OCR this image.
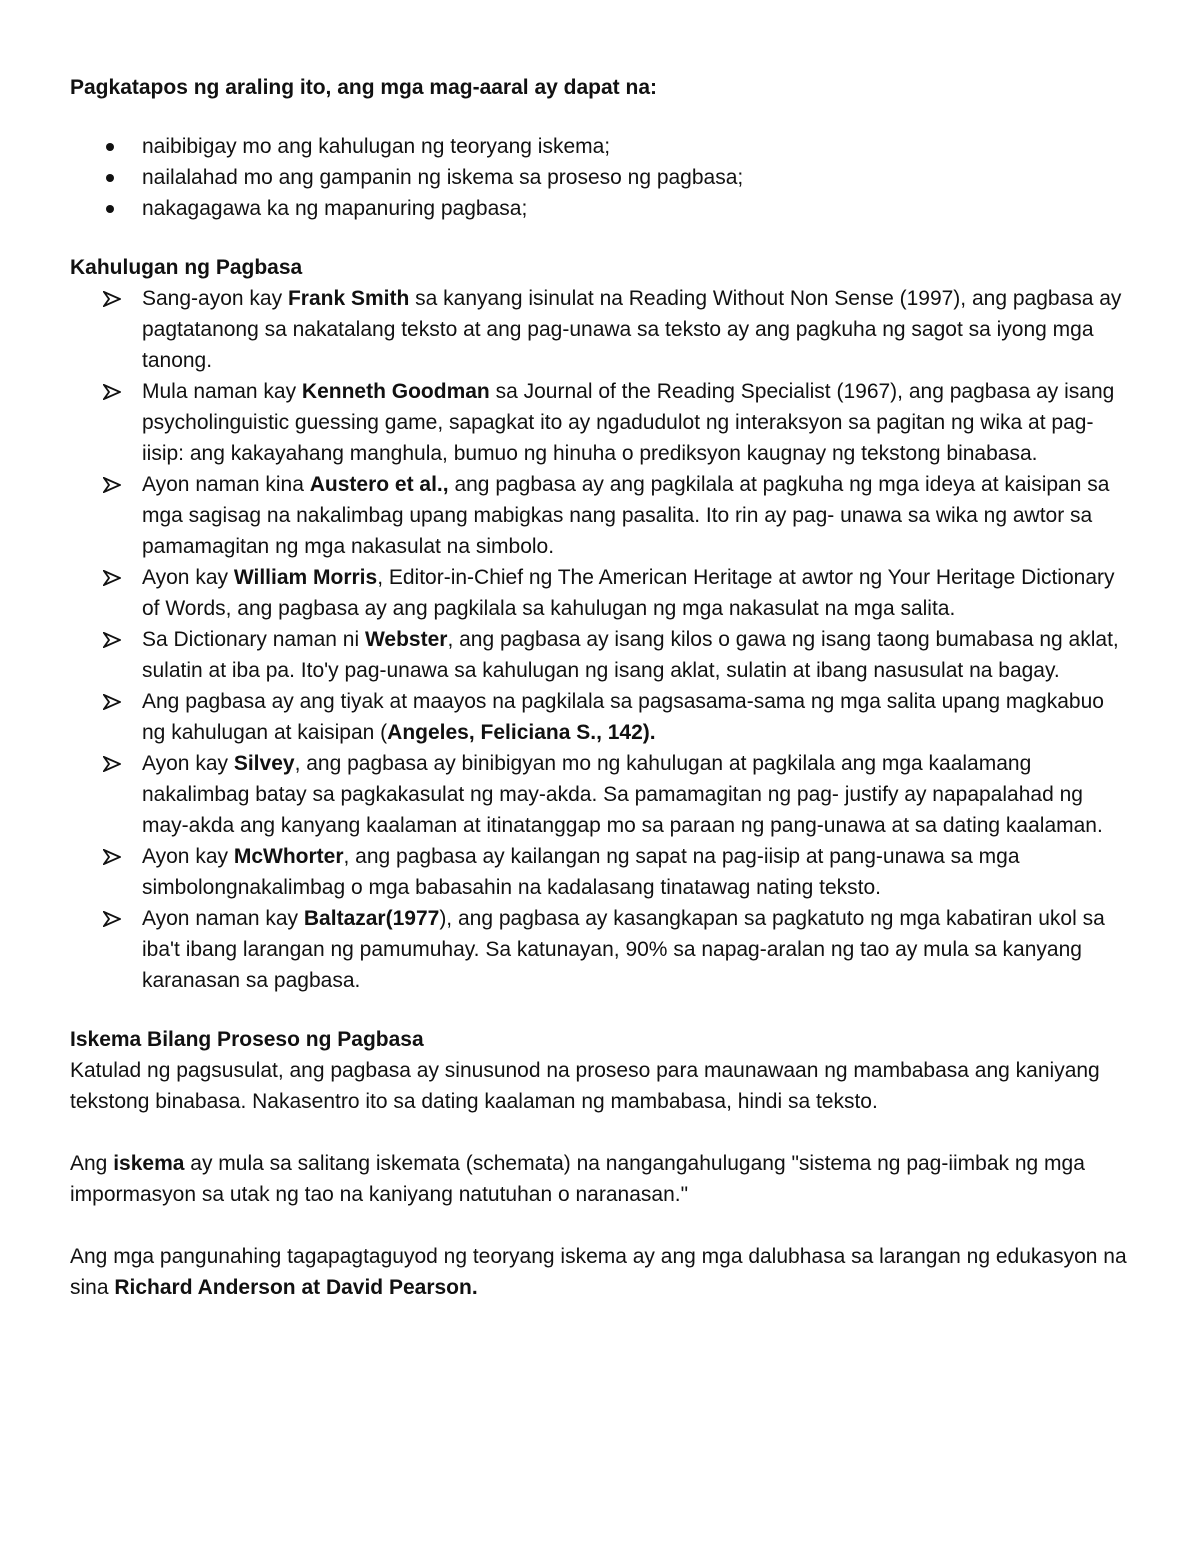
Pagkatapos ng araling ito, ang mga mag-aaral ay dapat na:

naibibigay mo ang kahulugan ng teoryang iskema;
nailalahad mo ang gampanin ng iskema sa proseso ng pagbasa;
nakagagawa ka ng mapanuring pagbasa;

Kahulugan ng Pagbasa

Sang-ayon kay Frank Smith sa kanyang isinulat na Reading Without Non Sense (1997), ang pagbasa ay pagtatanong sa nakatalang teksto at ang pag-unawa sa teksto ay ang pagkuha ng sagot sa iyong mga tanong.
Mula naman kay Kenneth Goodman sa Journal of the Reading Specialist (1967), ang pagbasa ay isang psycholinguistic guessing game, sapagkat ito ay ngadudulot ng interaksyon sa pagitan ng wika at pag-iisip: ang kakayahang manghula, bumuo ng hinuha o prediksyon kaugnay ng tekstong binabasa.
Ayon naman kina Austero et al., ang pagbasa ay ang pagkilala at pagkuha ng mga ideya at kaisipan sa mga sagisag na nakalimbag upang mabigkas nang pasalita. Ito rin ay pag- unawa sa wika ng awtor sa pamamagitan ng mga nakasulat na simbolo.
Ayon kay William Morris, Editor-in-Chief ng The American Heritage at awtor ng Your Heritage Dictionary of Words, ang pagbasa ay ang pagkilala sa kahulugan ng mga nakasulat na mga salita.
Sa Dictionary naman ni Webster, ang pagbasa ay isang kilos o gawa ng isang taong bumabasa ng aklat, sulatin at iba pa. Ito'y pag-unawa sa kahulugan ng isang aklat, sulatin at ibang nasusulat na bagay.
Ang pagbasa ay ang tiyak at maayos na pagkilala sa pagsasama-sama ng mga salita upang magkabuo ng kahulugan at kaisipan (Angeles, Feliciana S., 142).
Ayon kay Silvey, ang pagbasa ay binibigyan mo ng kahulugan at pagkilala ang mga kaalamang nakalimbag batay sa pagkakasulat ng may-akda. Sa pamamagitan ng pag- justify ay napapalahad ng may-akda ang kanyang kaalaman at itinatanggap mo sa paraan ng pang-unawa at sa dating kaalaman.
Ayon kay McWhorter, ang pagbasa ay kailangan ng sapat na pag-iisip at pang-unawa sa mga simbolongnakalimbag o mga babasahin na kadalasang tinatawag nating teksto.
Ayon naman kay Baltazar(1977), ang pagbasa ay kasangkapan sa pagkatuto ng mga kabatiran ukol sa iba't ibang larangan ng pamumuhay. Sa katunayan, 90% sa napag-aralan ng tao ay mula sa kanyang karanasan sa pagbasa.

Iskema Bilang Proseso ng Pagbasa

Katulad ng pagsusulat, ang pagbasa ay sinusunod na proseso para maunawaan ng mambabasa ang kaniyang tekstong binabasa. Nakasentro ito sa dating kaalaman ng mambabasa, hindi sa teksto.

Ang iskema ay mula sa salitang iskemata (schemata) na nangangahulugang "sistema ng pag-iimbak ng mga impormasyon sa utak ng tao na kaniyang natutuhan o naranasan."

Ang mga pangunahing tagapagtaguyod ng teoryang iskema ay ang mga dalubhasa sa larangan ng edukasyon na sina Richard Anderson at David Pearson.
